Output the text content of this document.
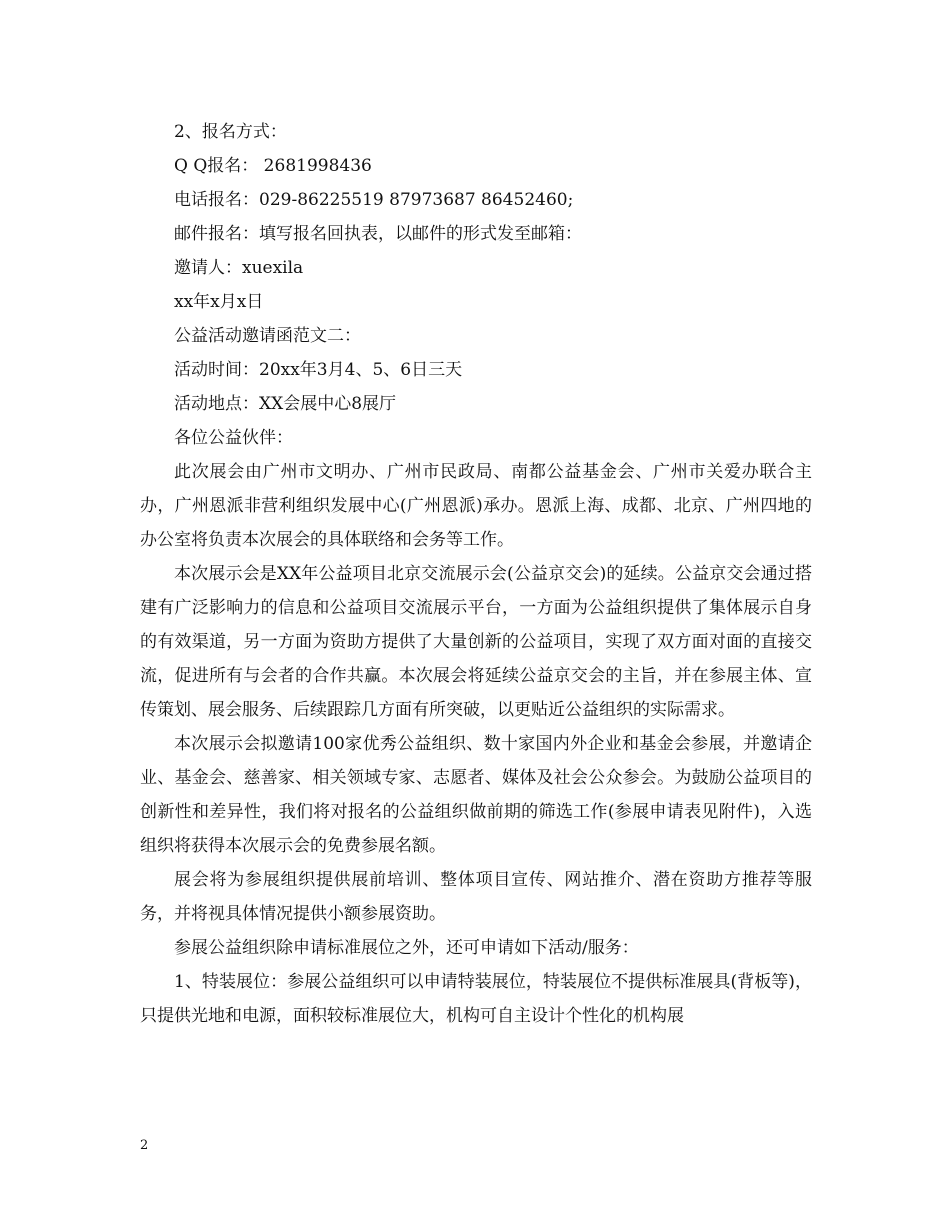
2、报名方式：
Q Q报名： 2681998436
电话报名：029-86225519 87973687 86452460;
邮件报名：填写报名回执表，以邮件的形式发至邮箱：
邀请人：xuexila
xx年x月x日
公益活动邀请函范文二：
活动时间：20xx年3月4、5、6日三天
活动地点：XX会展中心8展厅
各位公益伙伴：

此次展会由广州市文明办、广州市民政局、南都公益基金会、广州市关爱办联合主办，广州恩派非营利组织发展中心(广州恩派)承办。恩派上海、成都、北京、广州四地的办公室将负责本次展会的具体联络和会务等工作。

本次展示会是XX年公益项目北京交流展示会(公益京交会)的延续。公益京交会通过搭建有广泛影响力的信息和公益项目交流展示平台，一方面为公益组织提供了集体展示自身的有效渠道，另一方面为资助方提供了大量创新的公益项目，实现了双方面对面的直接交流，促进所有与会者的合作共赢。本次展会将延续公益京交会的主旨，并在参展主体、宣传策划、展会服务、后续跟踪几方面有所突破，以更贴近公益组织的实际需求。

本次展示会拟邀请100家优秀公益组织、数十家国内外企业和基金会参展，并邀请企业、基金会、慈善家、相关领域专家、志愿者、媒体及社会公众参会。为鼓励公益项目的创新性和差异性，我们将对报名的公益组织做前期的筛选工作(参展申请表见附件)，入选组织将获得本次展示会的免费参展名额。

展会将为参展组织提供展前培训、整体项目宣传、网站推介、潜在资助方推荐等服务，并将视具体情况提供小额参展资助。

参展公益组织除申请标准展位之外，还可申请如下活动/服务：

1、特装展位：参展公益组织可以申请特装展位，特装展位不提供标准展具(背板等)，只提供光地和电源，面积较标准展位大，机构可自主设计个性化的机构展

2
